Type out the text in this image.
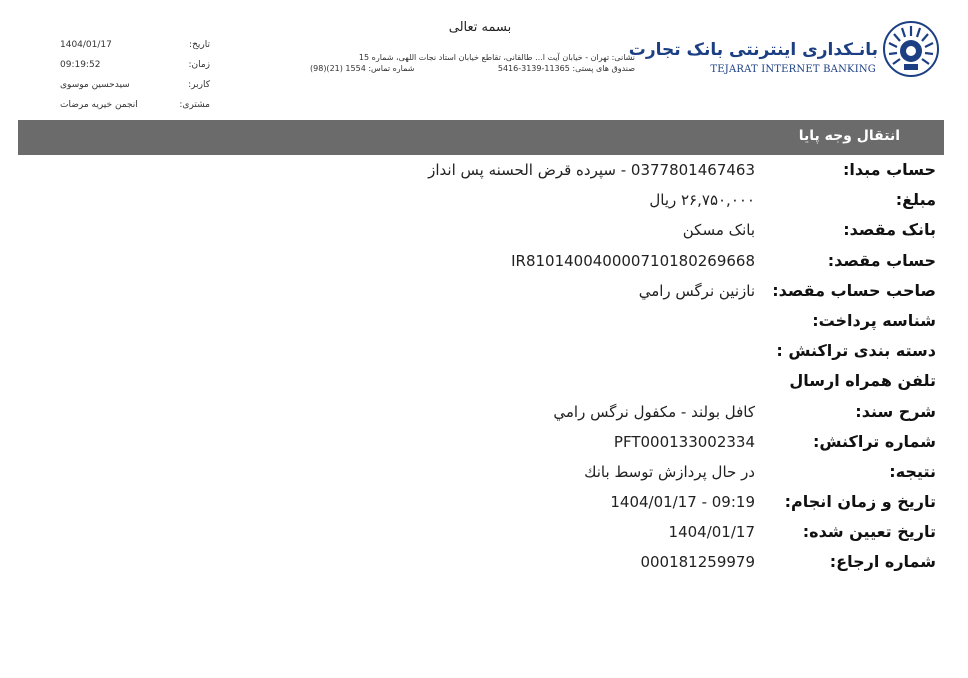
بانـکداری اینترنتی بانک تجارت
TEJARAT INTERNET BANKING
بسمه تعالی
نشانی: تهران - خیابان آیت ا... طالقانی، تقاطع خیابان استاد نجات اللهی، شماره 15
صندوق های پستی: 11365-3139-5416
شماره تماس: 1554 (21)(98)
تاریخ:
1404/01/17
زمان:
09:19:52
کاربر:
سیدحسین موسوی
مشتری:
انجمن خیریه مرضات
انتقال وجه پایا
حساب مبدا:
0377801467463 - سپرده قرض الحسنه پس انداز
مبلغ:
۲۶,۷۵۰,۰۰۰ ریال
بانک مقصد:
بانک مسکن
حساب مقصد:
IR810140040000710180269668
صاحب حساب مقصد:
نازنين نرگس رامي
شناسه پرداخت:
دسته بندی تراکنش :
تلفن همراه ارسال
شرح سند:
كافل بولند - مکفول نرگس رامي
شماره تراکنش:
PFT000133002334
نتیجه:
در حال پردازش توسط بانك
تاریخ و زمان انجام:
1404/01/17 - 09:19
تاریخ تعیین شده:
1404/01/17
شماره ارجاع:
000181259979
